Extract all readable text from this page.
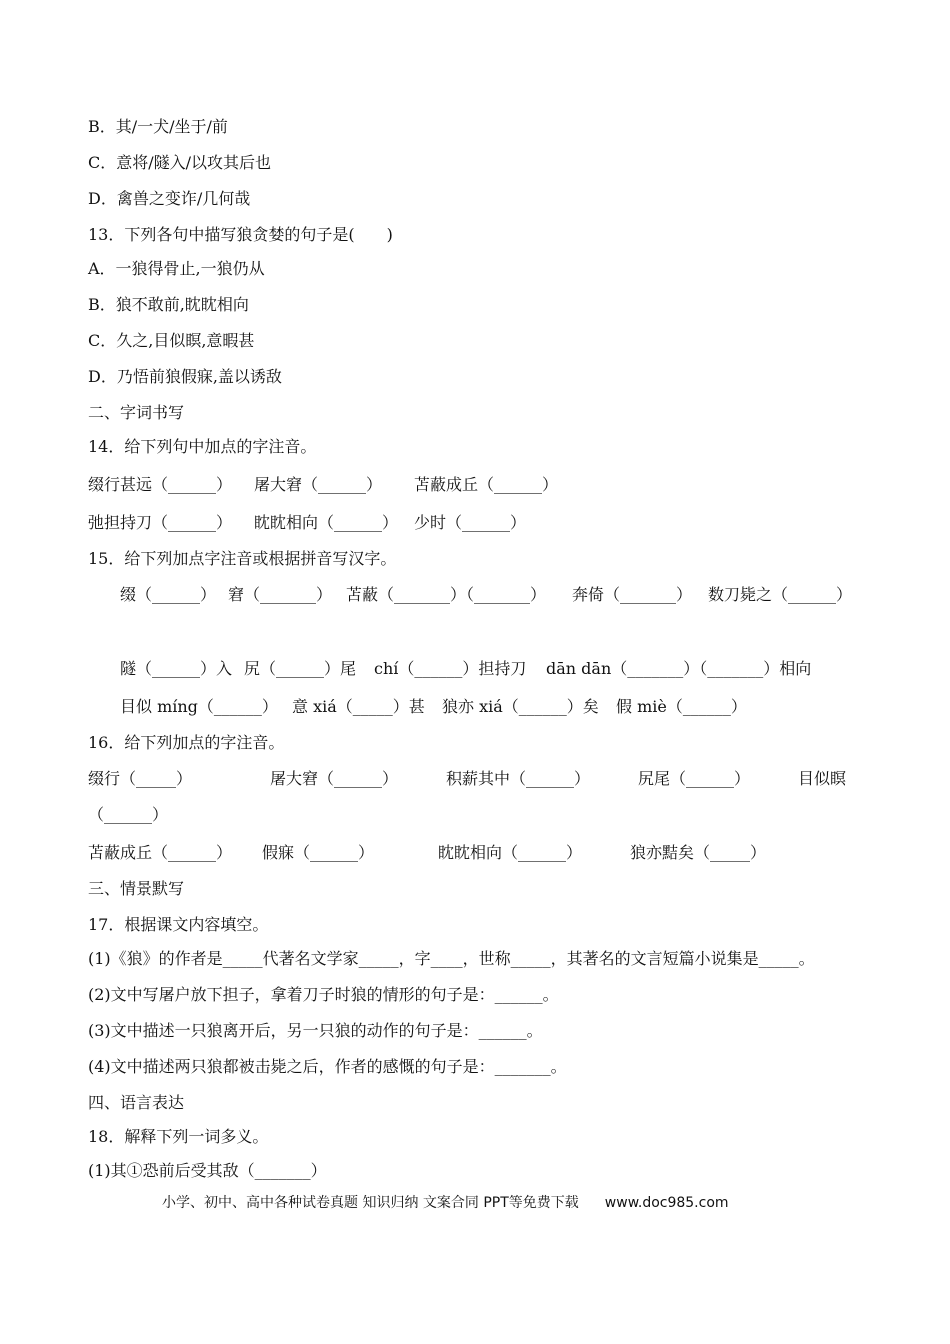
B．其/一犬/坐于/前
C．意将/隧入/以攻其后也
D．禽兽之变诈/几何哉
13．下列各句中描写狼贪婪的句子是(　　)
A．一狼得骨止,一狼仍从
B．狼不敢前,眈眈相向
C．久之,目似瞑,意暇甚
D．乃悟前狼假寐,盖以诱敌
二、字词书写
14．给下列句中加点的字注音。
缀行甚远（______） 屠大窘（______） 苫蔽成丘（______）
弛担持刀（______） 眈眈相向（______） 少时（______）
15．给下列加点字注音或根据拼音写汉字。
缀（______） 窘（_______） 苫蔽（_______）（_______） 奔倚（_______） 数刀毙之（______）
隧（______）入 尻（______）尾 chí（______）担持刀 dān dān（_______）（_______）相向
目似 míng（______） 意 xiá（_____）甚 狼亦 xiá（______）矣 假 miè（______）
16．给下列加点的字注音。
缀行（_____）	屠大窘（______）	积薪其中（______）	尻尾（______）	目似瞑
（______）
苫蔽成丘（______） 假寐（______）	眈眈相向（______）	狼亦黠矣（_____）
三、情景默写
17．根据课文内容填空。
(1)《狼》的作者是_____代著名文学家_____，字____，世称_____，其著名的文言短篇小说集是_____。
(2)文中写屠户放下担子，拿着刀子时狼的情形的句子是：______。
(3)文中描述一只狼离开后，另一只狼的动作的句子是：______。
(4)文中描述两只狼都被击毙之后，作者的感慨的句子是：_______。
四、语言表达
18．解释下列一词多义。
(1)其①恐前后受其敌（_______）
小学、初中、高中各种试卷真题 知识归纳 文案合同 PPT等免费下载 www.doc985.com
